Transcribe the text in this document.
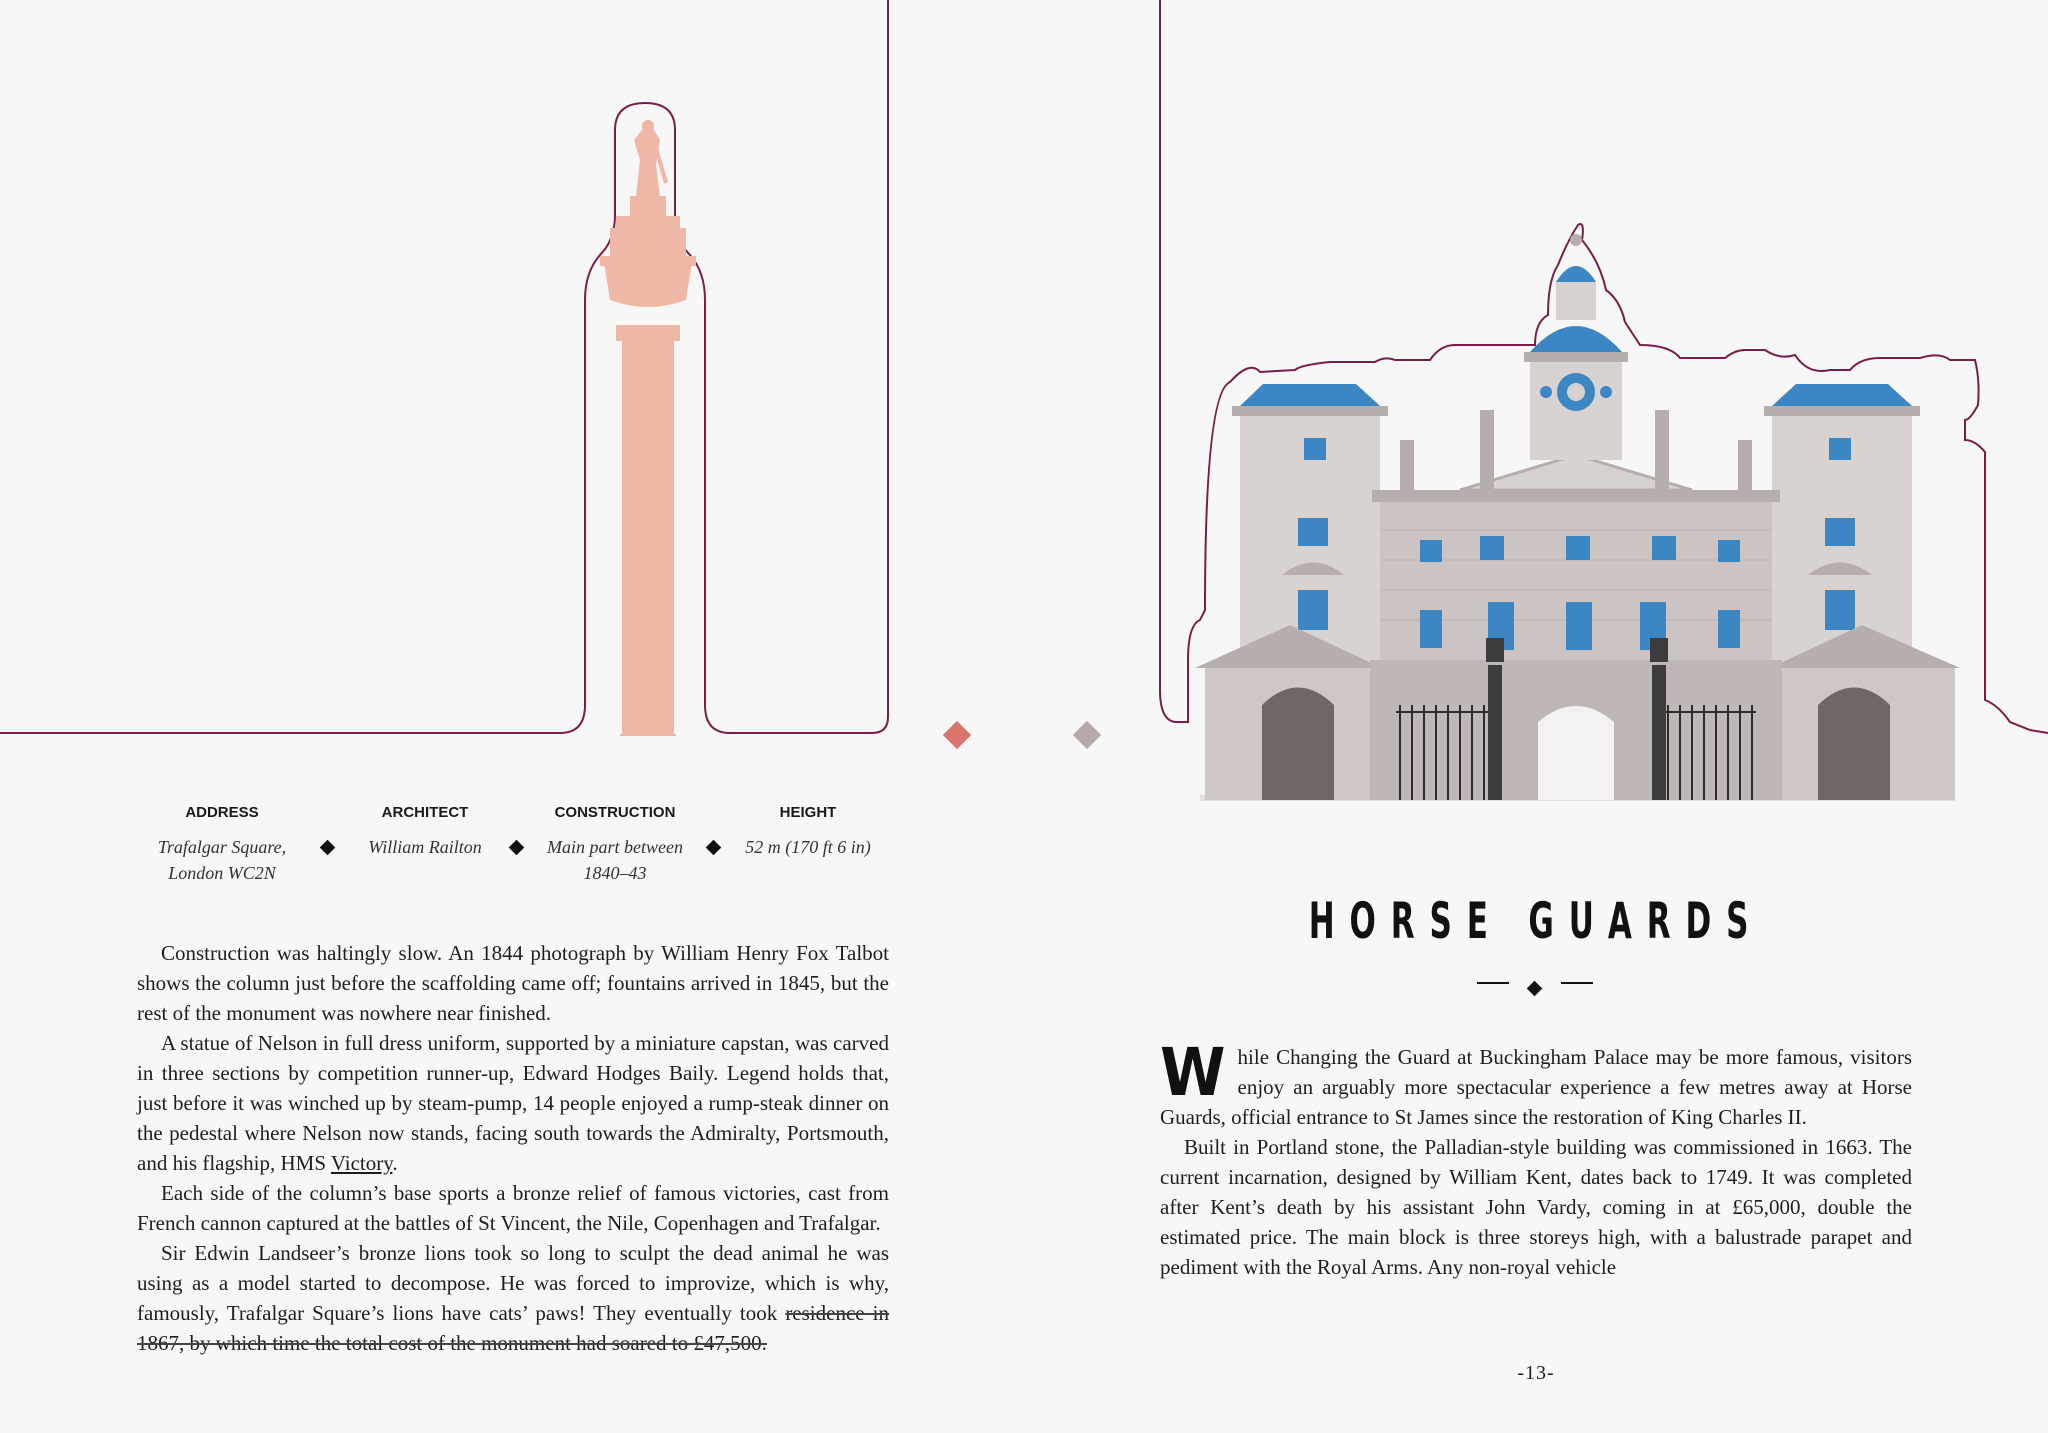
ADDRESS
Trafalgar Square,
London WC2N
ARCHITECT
William Railton
CONSTRUCTION
Main part between
1840–43
HEIGHT
52 m (170 ft 6 in)

Construction was haltingly slow. An 1844 photograph by William Henry Fox Talbot shows the column just before the scaffolding came off; fountains arrived in 1845, but the rest of the monument was nowhere near finished.

A statue of Nelson in full dress uniform, supported by a miniature capstan, was carved in three sections by competition runner-up, Edward Hodges Baily. Legend holds that, just before it was winched up by steam-pump, 14 people enjoyed a rump-steak dinner on the pedestal where Nelson now stands, facing south towards the Admiralty, Portsmouth, and his flagship, HMS Victory.

Each side of the column’s base sports a bronze relief of famous victories, cast from French cannon captured at the battles of St Vincent, the Nile, Copenhagen and Trafalgar.

Sir Edwin Landseer’s bronze lions took so long to sculpt the dead animal he was using as a model started to decompose. He was forced to improvize, which is why, famously, Trafalgar Square’s lions have cats’ paws! They eventually took residence in 1867, by which time the total cost of the monument had soared to £47,500.

HORSE GUARDS

While Changing the Guard at Buckingham Palace may be more famous, visitors enjoy an arguably more spectacular experience a few metres away at Horse Guards, official entrance to St James since the restoration of King Charles II.

Built in Portland stone, the Palladian-style building was commissioned in 1663. The current incarnation, designed by William Kent, dates back to 1749. It was completed after Kent’s death by his assistant John Vardy, coming in at £65,000, double the estimated price. The main block is three storeys high, with a balustrade parapet and pediment with the Royal Arms. Any non-royal vehicle

-13-
